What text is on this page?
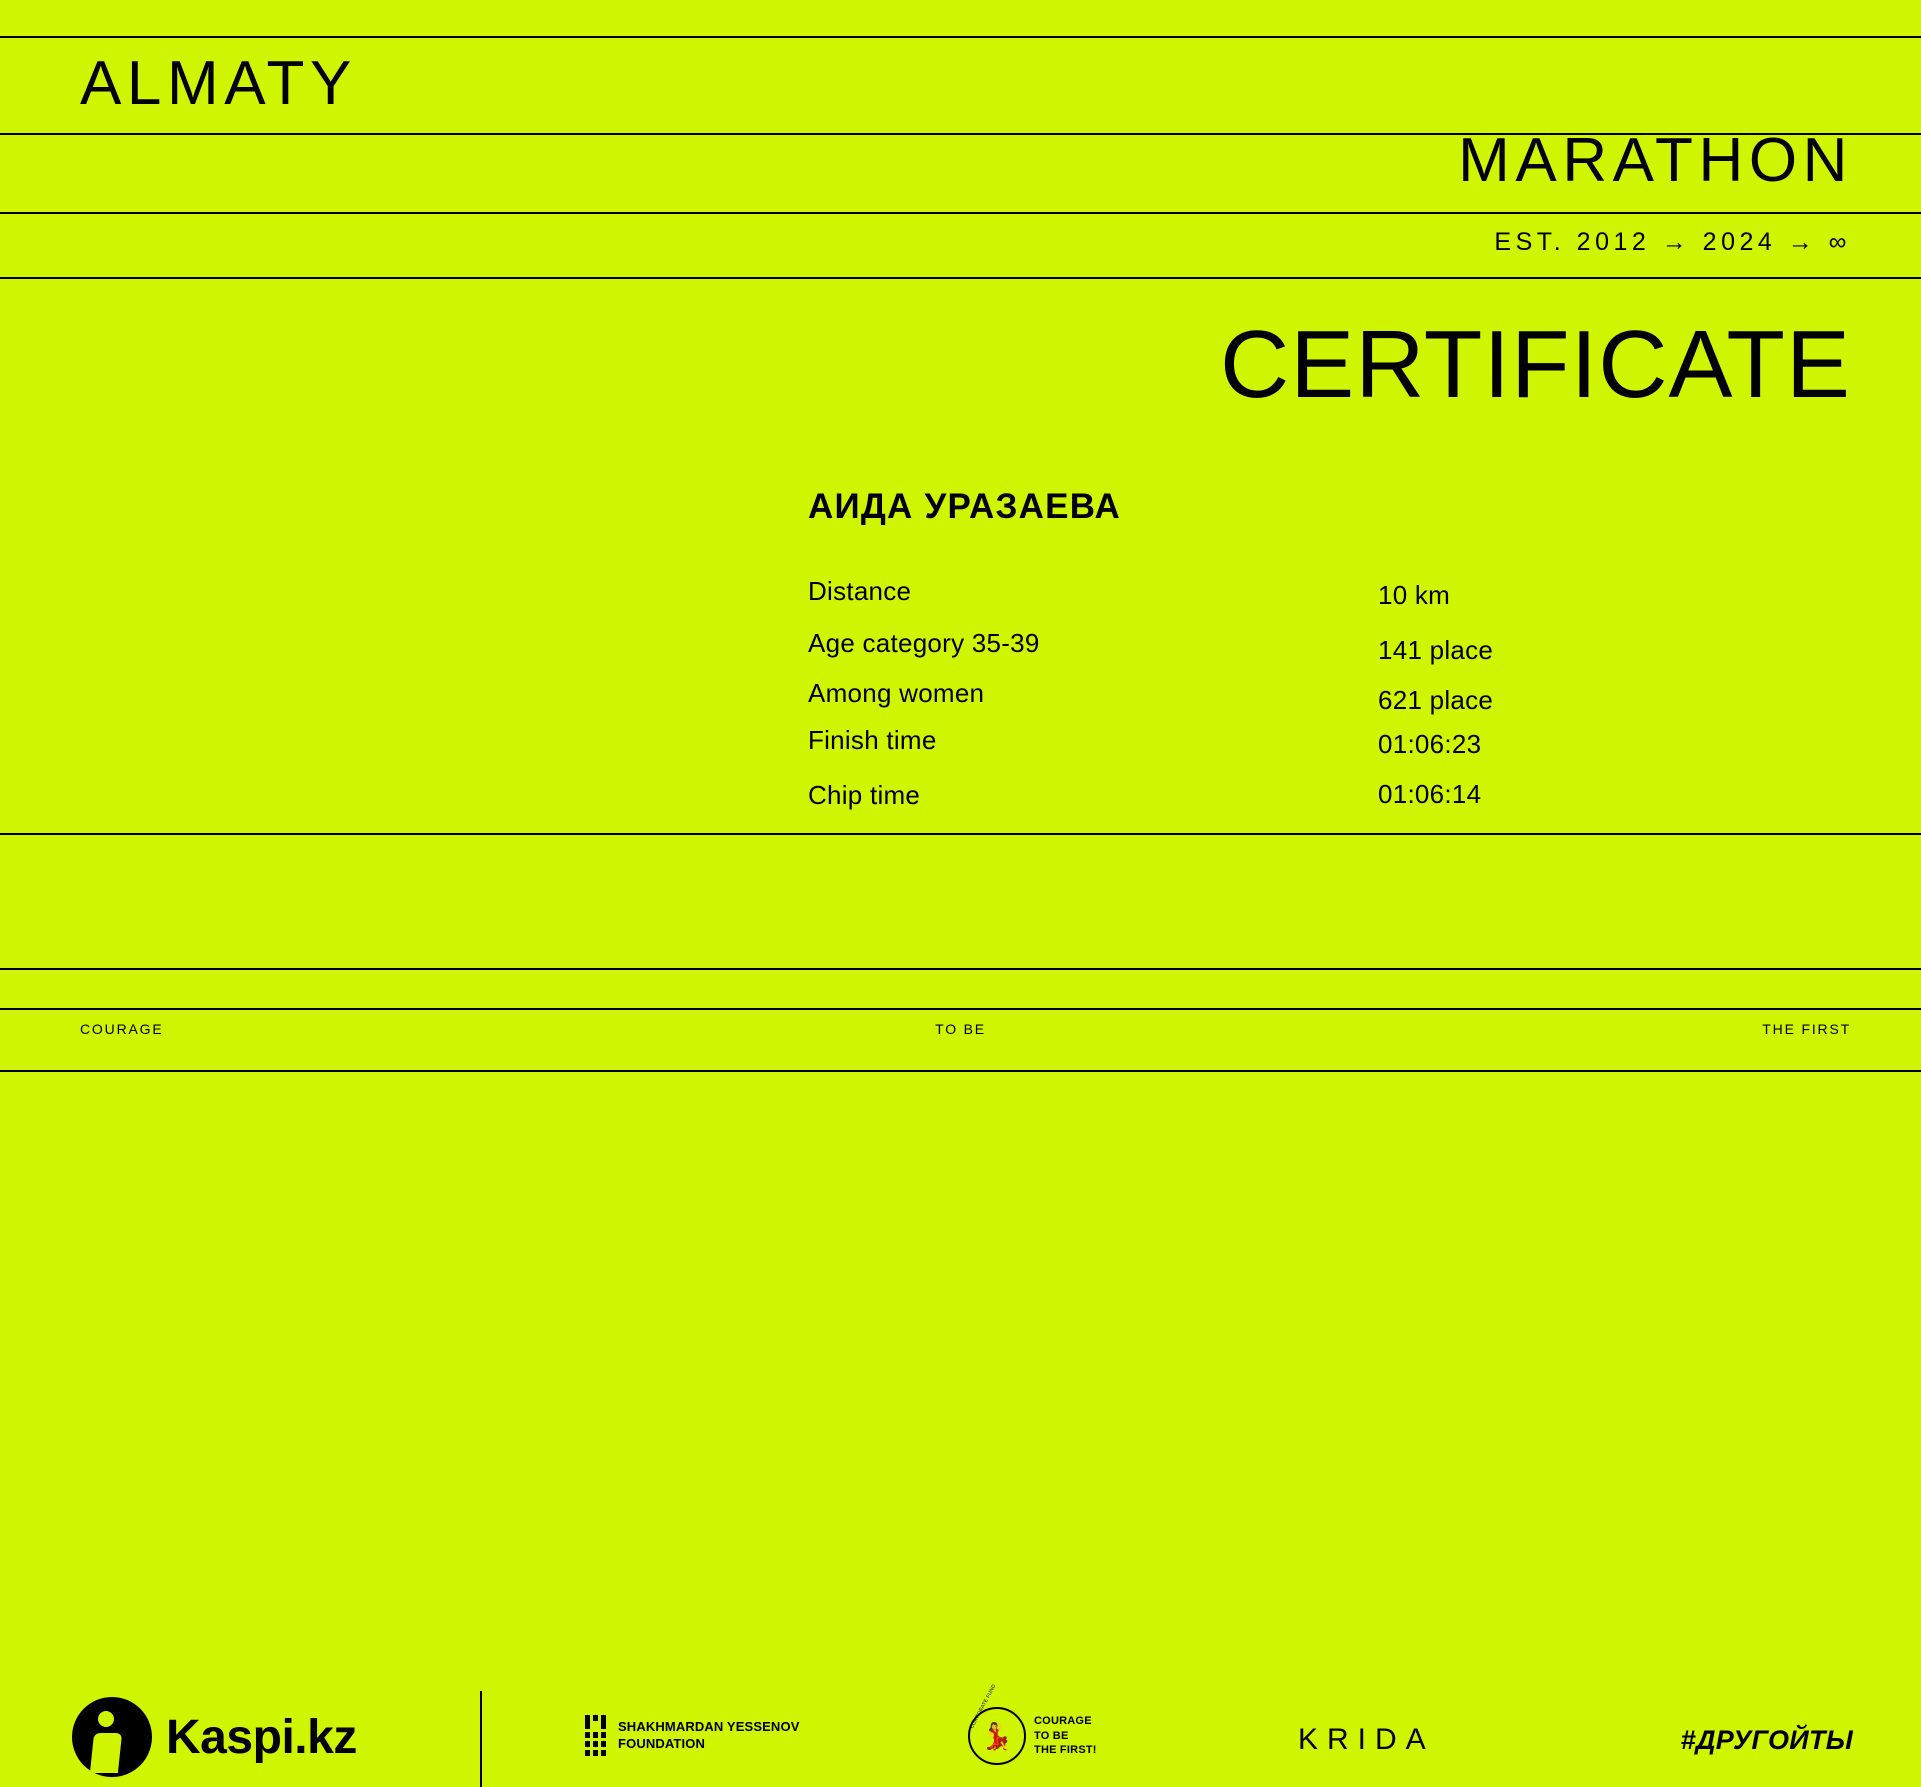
ALMATY
MARATHON
EST. 2012 → 2024 → ∞
CERTIFICATE
АИДА УРАЗАЕВА
Distance	10 km
Age category 35-39	141 place
Among women	621 place
Finish time	01:06:23
Chip time	01:06:14
Kaspi.kz	SHAKHMARDAN YESSENOV
FOUNDATION
CORPORATE FUND
💃
COURAGE
TO BE
THE FIRST!	KRIDA	#ДРУГОЙТЫ
COURAGE	TO BE	THE FIRST
